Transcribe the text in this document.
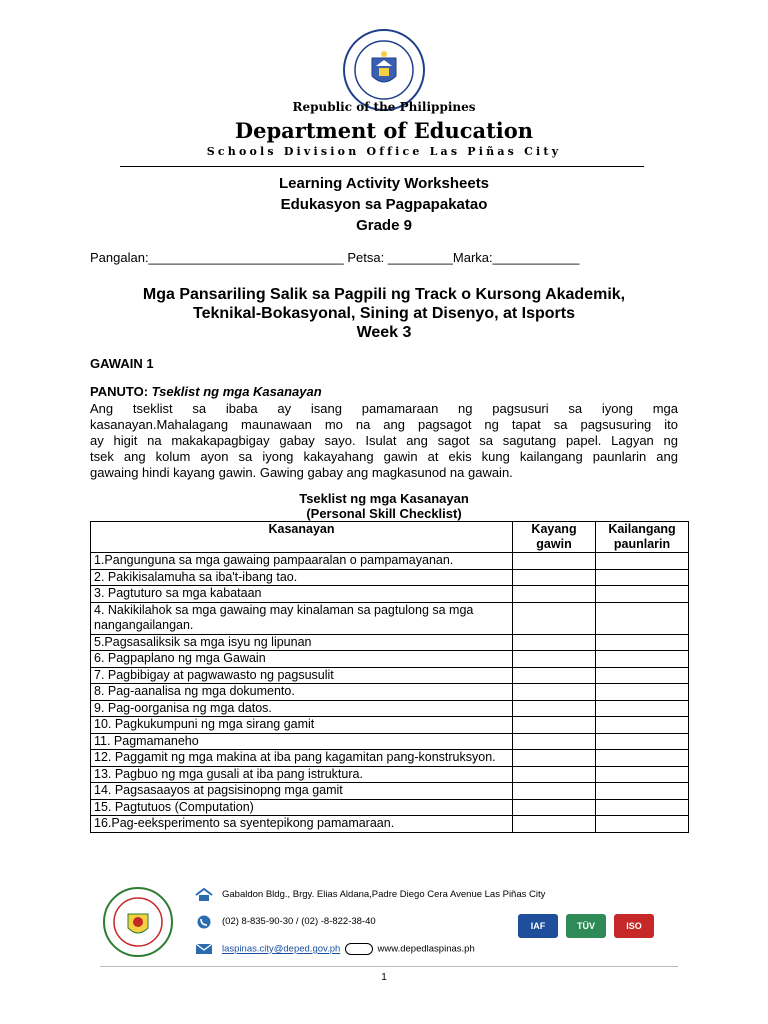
Republic of the Philippines
Department of Education
Schools Division Office Las Piñas City
Learning Activity Worksheets
Edukasyon sa Pagpapakatao
Grade 9
Pangalan:___________________________ Petsa: _________Marka:____________
Mga Pansariling Salik sa Pagpili ng Track o Kursong Akademik,
Teknikal-Bokasyonal, Sining at Disenyo, at Isports
Week 3
GAWAIN 1
PANUTO: Tseklist ng mga Kasanayan
Ang tseklist sa ibaba ay isang pamamaraan ng pagsusuri sa iyong mga
kasanayan.Mahalagang maunawaan mo na ang pagsagot ng tapat sa pagsusuring ito
ay higit na makakapagbigay gabay sayo. Isulat ang sagot sa sagutang papel. Lagyan ng
tsek ang kolum ayon sa iyong kakayahang gawin at ekis kung kailangang paunlarin ang
gawaing hindi kayang gawin. Gawing gabay ang magkasunod na gawain.
Tseklist ng mga Kasanayan
(Personal Skill Checklist)
Kasanayan	Kayang gawin	Kailangang paunlarin
1.Pangunguna sa mga gawaing pampaaralan o pampamayanan.		
2. Pakikisalamuha sa iba't-ibang tao.		
3. Pagtuturo sa mga kabataan		
4. Nakikilahok sa mga gawaing may kinalaman sa pagtulong sa mga nangangailangan.		
5.Pagsasaliksik sa mga isyu ng lipunan		
6. Pagpaplano ng mga Gawain		
7. Pagbibigay at pagwawasto ng pagsusulit		
8. Pag-aanalisa ng mga dokumento.		
9. Pag-oorganisa ng mga datos.		
10. Pagkukumpuni ng mga sirang gamit		
11. Pagmamaneho		
12. Paggamit ng mga makina at iba pang kagamitan pang-konstruksyon.		
13. Pagbuo ng mga gusali at iba pang istruktura.		
14. Pagsasaayos at pagsisinopng mga gamit		
15. Pagtutuos (Computation)		
16.Pag-eeksperimento sa syentepikong pamamaraan.		
Gabaldon Bldg., Brgy. Elias Aldana,Padre Diego Cera Avenue Las Piñas City
(02) 8-835-90-30 / (02) -8-822-38-40
laspinas.city@deped.gov.ph	www.depedlaspinas.ph
IAF	TÜV	ISO
1
